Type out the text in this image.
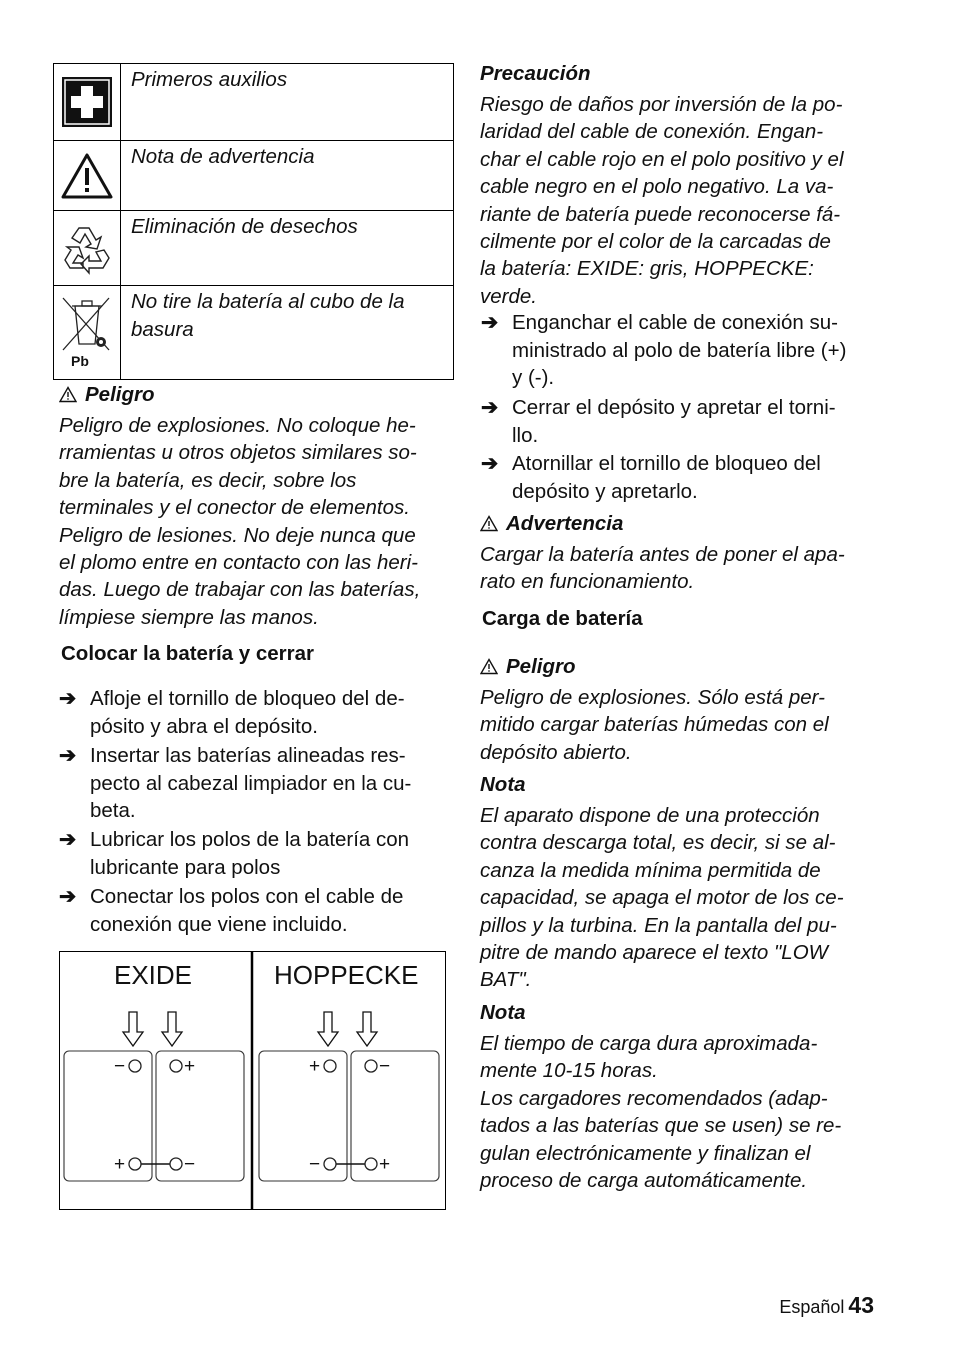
Primeros auxilios
Nota de advertencia
Eliminación de desechos
Pb
No tire la batería al cubo de la
basura
Peligro
Peligro de explosiones. No coloque he-
rramientas u otros objetos similares so-
bre la batería, es decir, sobre los
terminales y el conector de elementos.
Peligro de lesiones. No deje nunca que
el plomo entre en contacto con las heri-
das. Luego de trabajar con las baterías,
límpiese siempre las manos.
Colocar la batería y cerrar
➔ Afloje el tornillo de bloqueo del de-
pósito y abra el depósito.
➔ Insertar las baterías alineadas res-
pecto al cabezal limpiador en la cu-
beta.
➔ Lubricar los polos de la batería con
lubricante para polos
➔ Conectar los polos con el cable de
conexión que viene incluido.
EXIDE	HOPPECKE
−	+
+	−
+	−
−	+
Precaución
Riesgo de daños por inversión de la po-
laridad del cable de conexión. Engan-
char el cable rojo en el polo positivo y el
cable negro en el polo negativo. La va-
riante de batería puede reconocerse fá-
cilmente por el color de la carcadas de
la batería: EXIDE: gris, HOPPECKE:
verde.
➔ Enganchar el cable de conexión su-
ministrado al polo de batería libre (+)
y (-).
➔ Cerrar el depósito y apretar el torni-
llo.
➔ Atornillar el tornillo de bloqueo del
depósito y apretarlo.
Advertencia
Cargar la batería antes de poner el apa-
rato en funcionamiento.
Carga de batería
Peligro
Peligro de explosiones. Sólo está per-
mitido cargar baterías húmedas con el
depósito abierto.
Nota
El aparato dispone de una protección
contra descarga total, es decir, si se al-
canza la medida mínima permitida de
capacidad, se apaga el motor de los ce-
pillos y la turbina. En la pantalla del pu-
pitre de mando aparece el texto "LOW
BAT".
Nota
El tiempo de carga dura aproximada-
mente 10-15 horas.
Los cargadores recomendados (adap-
tados a las baterías que se usen) se re-
gulan electrónicamente y finalizan el
proceso de carga automáticamente.
Español 43
